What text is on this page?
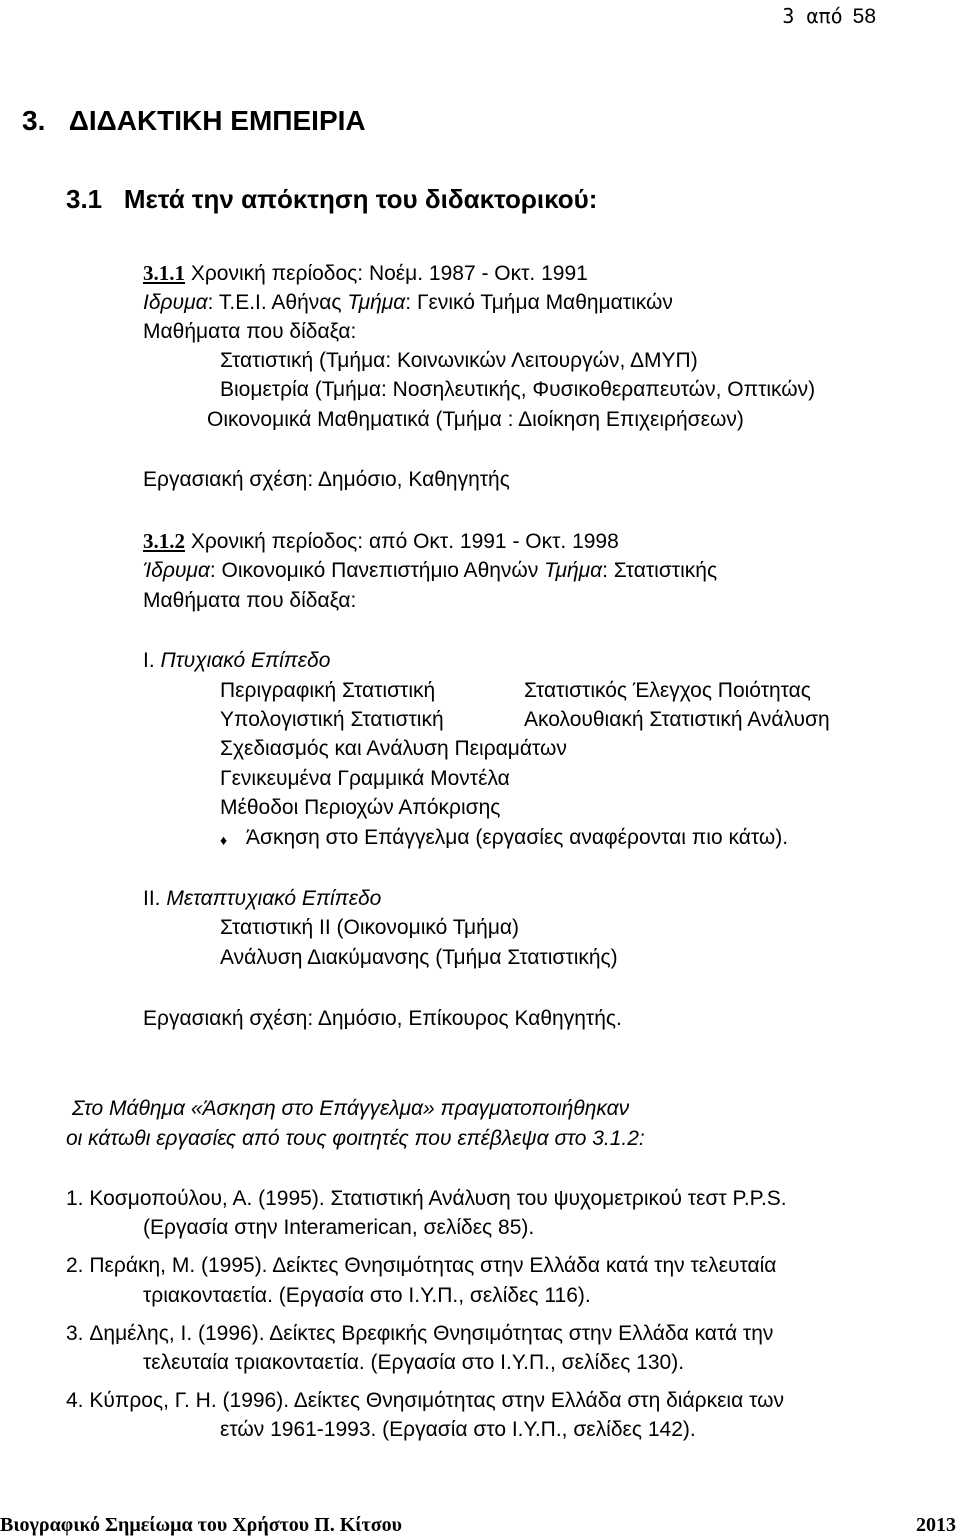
3 από 58
3. ΔΙΔΑΚΤΙΚΗ ΕΜΠΕΙΡΙΑ
3.1 Μετά την απόκτηση του διδακτορικού:
3.1.1 Χρονική περίοδος: Νοέμ. 1987 - Οκτ. 1991
Ιδρυμα: Τ.Ε.Ι. Αθήνας Τμήμα: Γενικό Τμήμα Μαθηματικών
Μαθήματα που δίδαξα:
Στατιστική (Τμήμα: Κοινωνικών Λειτουργών, ΔΜΥΠ)
Βιομετρία (Τμήμα: Νοσηλευτικής, Φυσικοθεραπευτών, Οπτικών)
Οικονομικά Μαθηματικά (Τμήμα : Διοίκηση Επιχειρήσεων)
Εργασιακή σχέση: Δημόσιο, Καθηγητής
3.1.2 Χρονική περίοδος: από Οκτ. 1991 - Οκτ. 1998
Ίδρυμα: Οικονομικό Πανεπιστήμιο Αθηνών Τμήμα: Στατιστικής
Μαθήματα που δίδαξα:
I. Πτυχιακό Επίπεδο
Περιγραφική Στατιστική	Στατιστικός Έλεγχος Ποιότητας
Υπολογιστική Στατιστική	Ακολουθιακή Στατιστική Ανάλυση
Σχεδιασμός και Ανάλυση Πειραμάτων
Γενικευμένα Γραμμικά Μοντέλα
Μέθοδοι Περιοχών Απόκρισης
♦ Άσκηση στο Επάγγελμα (εργασίες αναφέρονται πιο κάτω).
II. Μεταπτυχιακό Επίπεδο
Στατιστική ΙΙ (Οικονομικό Τμήμα)
Ανάλυση Διακύμανσης (Τμήμα Στατιστικής)
Εργασιακή σχέση: Δημόσιο, Επίκουρος Καθηγητής.
Στο Μάθημα «Άσκηση στο Επάγγελμα» πραγματοποιήθηκαν
οι κάτωθι εργασίες από τους φοιτητές που επέβλεψα στο 3.1.2:
1. Κοσμοπούλου, Α. (1995). Στατιστική Ανάλυση του ψυχομετρικού τεστ P.P.S.
(Εργασία στην Interamerican, σελίδες 85).
2. Περάκη, Μ. (1995). Δείκτες Θνησιμότητας στην Ελλάδα κατά την τελευταία
τριακονταετία. (Εργασία στο Ι.Υ.Π., σελίδες 116).
3. Δημέλης, Ι. (1996). Δείκτες Βρεφικής Θνησιμότητας στην Ελλάδα κατά την
τελευταία τριακονταετία. (Εργασία στο Ι.Υ.Π., σελίδες 130).
4. Κύπρος, Γ. Η. (1996). Δείκτες Θνησιμότητας στην Ελλάδα στη διάρκεια των
ετών 1961-1993. (Εργασία στο Ι.Υ.Π., σελίδες 142).
Βιογραφικό Σημείωμα του Χρήστου Π. Κίτσου	2013
